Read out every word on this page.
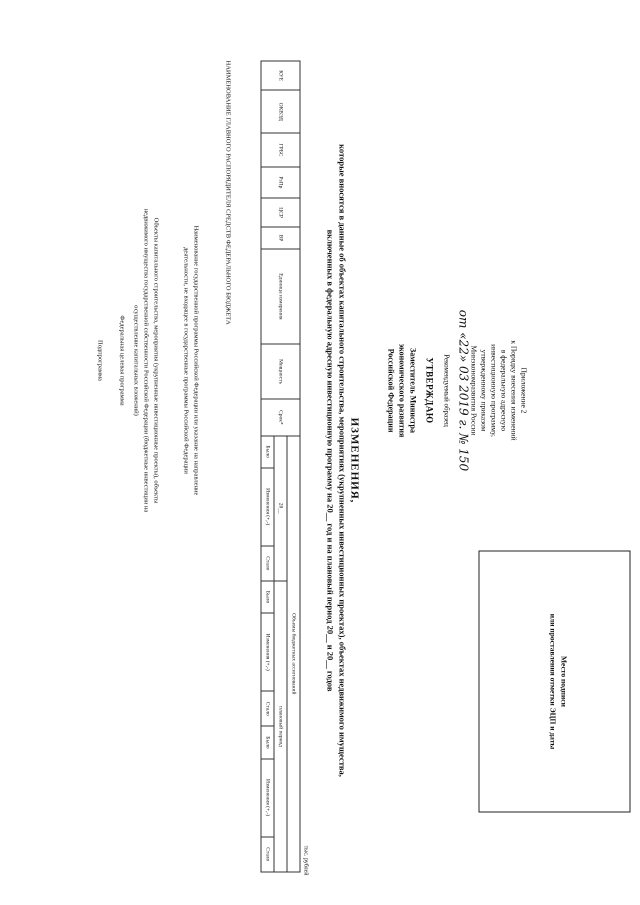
Приложение 2
к Порядку внесения изменений
в федеральную адресную
инвестиционную программу,
утвержденному приказом
Минэкономразвития России
от «22» 03 2019 г. № 150
Рекомендуемый образец
УТВЕРЖДАЮ
Заместитель Министра
экономического развития
Российской Федерации
Место подписи
или проставления отметки ЭЦП и даты
ИЗМЕНЕНИЯ,
которые вносятся в данные об объектах капитального строительства, мероприятиях (укрупненных инвестиционных проектах), объектах недвижимого имущества,
включенных в федеральную адресную инвестиционную программу на 20__ год и на плановый период 20__ и 20__ годов
тыс. рублей
КУЕ	ОКВЭД	ГРБС	РзПр	ЦСР	ВР	Единица измерения	Мощность	Срок*	Объемы бюджетных ассигнований								
									20__			плановый период					
									Было	Изменения (+,-)	Стало	Было	Изменения (+,-)	Стало	Было	Изменения (+,-)	Стало
НАИМЕНОВАНИЕ ГЛАВНОГО РАСПОРЯДИТЕЛЯ СРЕДСТВ ФЕДЕРАЛЬНОГО БЮДЖЕТА
Наименование государственной программы Российской Федерации или указание на направление
деятельности, не входящее в государственные программы Российской Федерации
Объекты капитального строительства, мероприятия (укрупненные инвестиционные проекты), объекты
недвижимого имущества государственной собственности Российской Федерации (бюджетные инвестиции на
осуществление капитальных вложений)
Федеральная целевая программа
Подпрограмма
